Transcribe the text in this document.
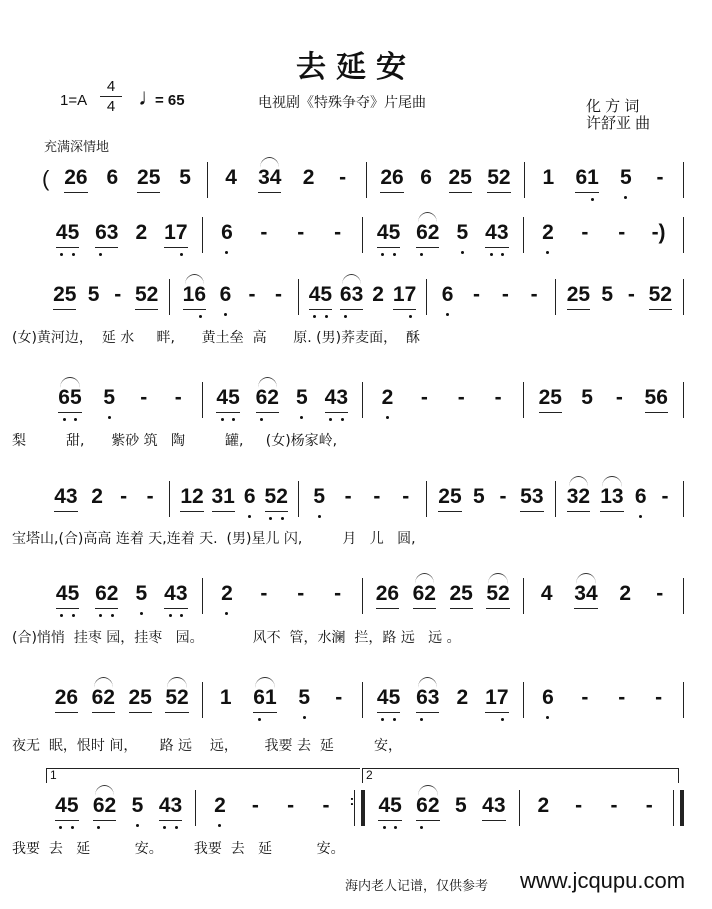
去延安
1=A
4
4 ♩
= 65	电视剧《特殊争夺》片尾曲	化 方 词
许舒亚 曲
充满深情地
( 26 6 25 5 4 34 2 - 26 6 25 52 1 61 5 -
45 63 2 17 6 - - - 45 62 5 43 2 - - -)
25 5 - 52 16 6 - - 45 63 2 17 6 - - - 25 5 - 52
(女)黄河边，  延 水     畔,      黄土垒  高      原. (男)荞麦面，  酥
65 5 - - 45 62 5 43 2 - - - 25 5 - 56
梨         甜,      紫砂 筑   陶         罐,     (女)杨家岭,
43 2 - - 12 31 6 52 5 - - - 25 5 - 53 32 13 6 -
宝塔山,(合)高高 连着 天,连着 天.  (男)星儿 闪,         月   儿   圆,
45 62 5 43 2 - - - 26 62 25 52 4 34 2 -
(合)悄悄  挂枣 园，挂枣   园。           风不  管，水澜  拦，路 远   远 。
26 62 25 52 1 61 5 - 45 63 2 17 6 - - -
夜无  眠，恨时 间，     路 远    远，      我要 去  延         安，
45 62 5 43 2 - - - : 45 62 5 43 2 - - -
我要  去   延          安。       我要  去   延          安。
1	2
海内老人记谱，仅供参考 www.jcqupu.com
